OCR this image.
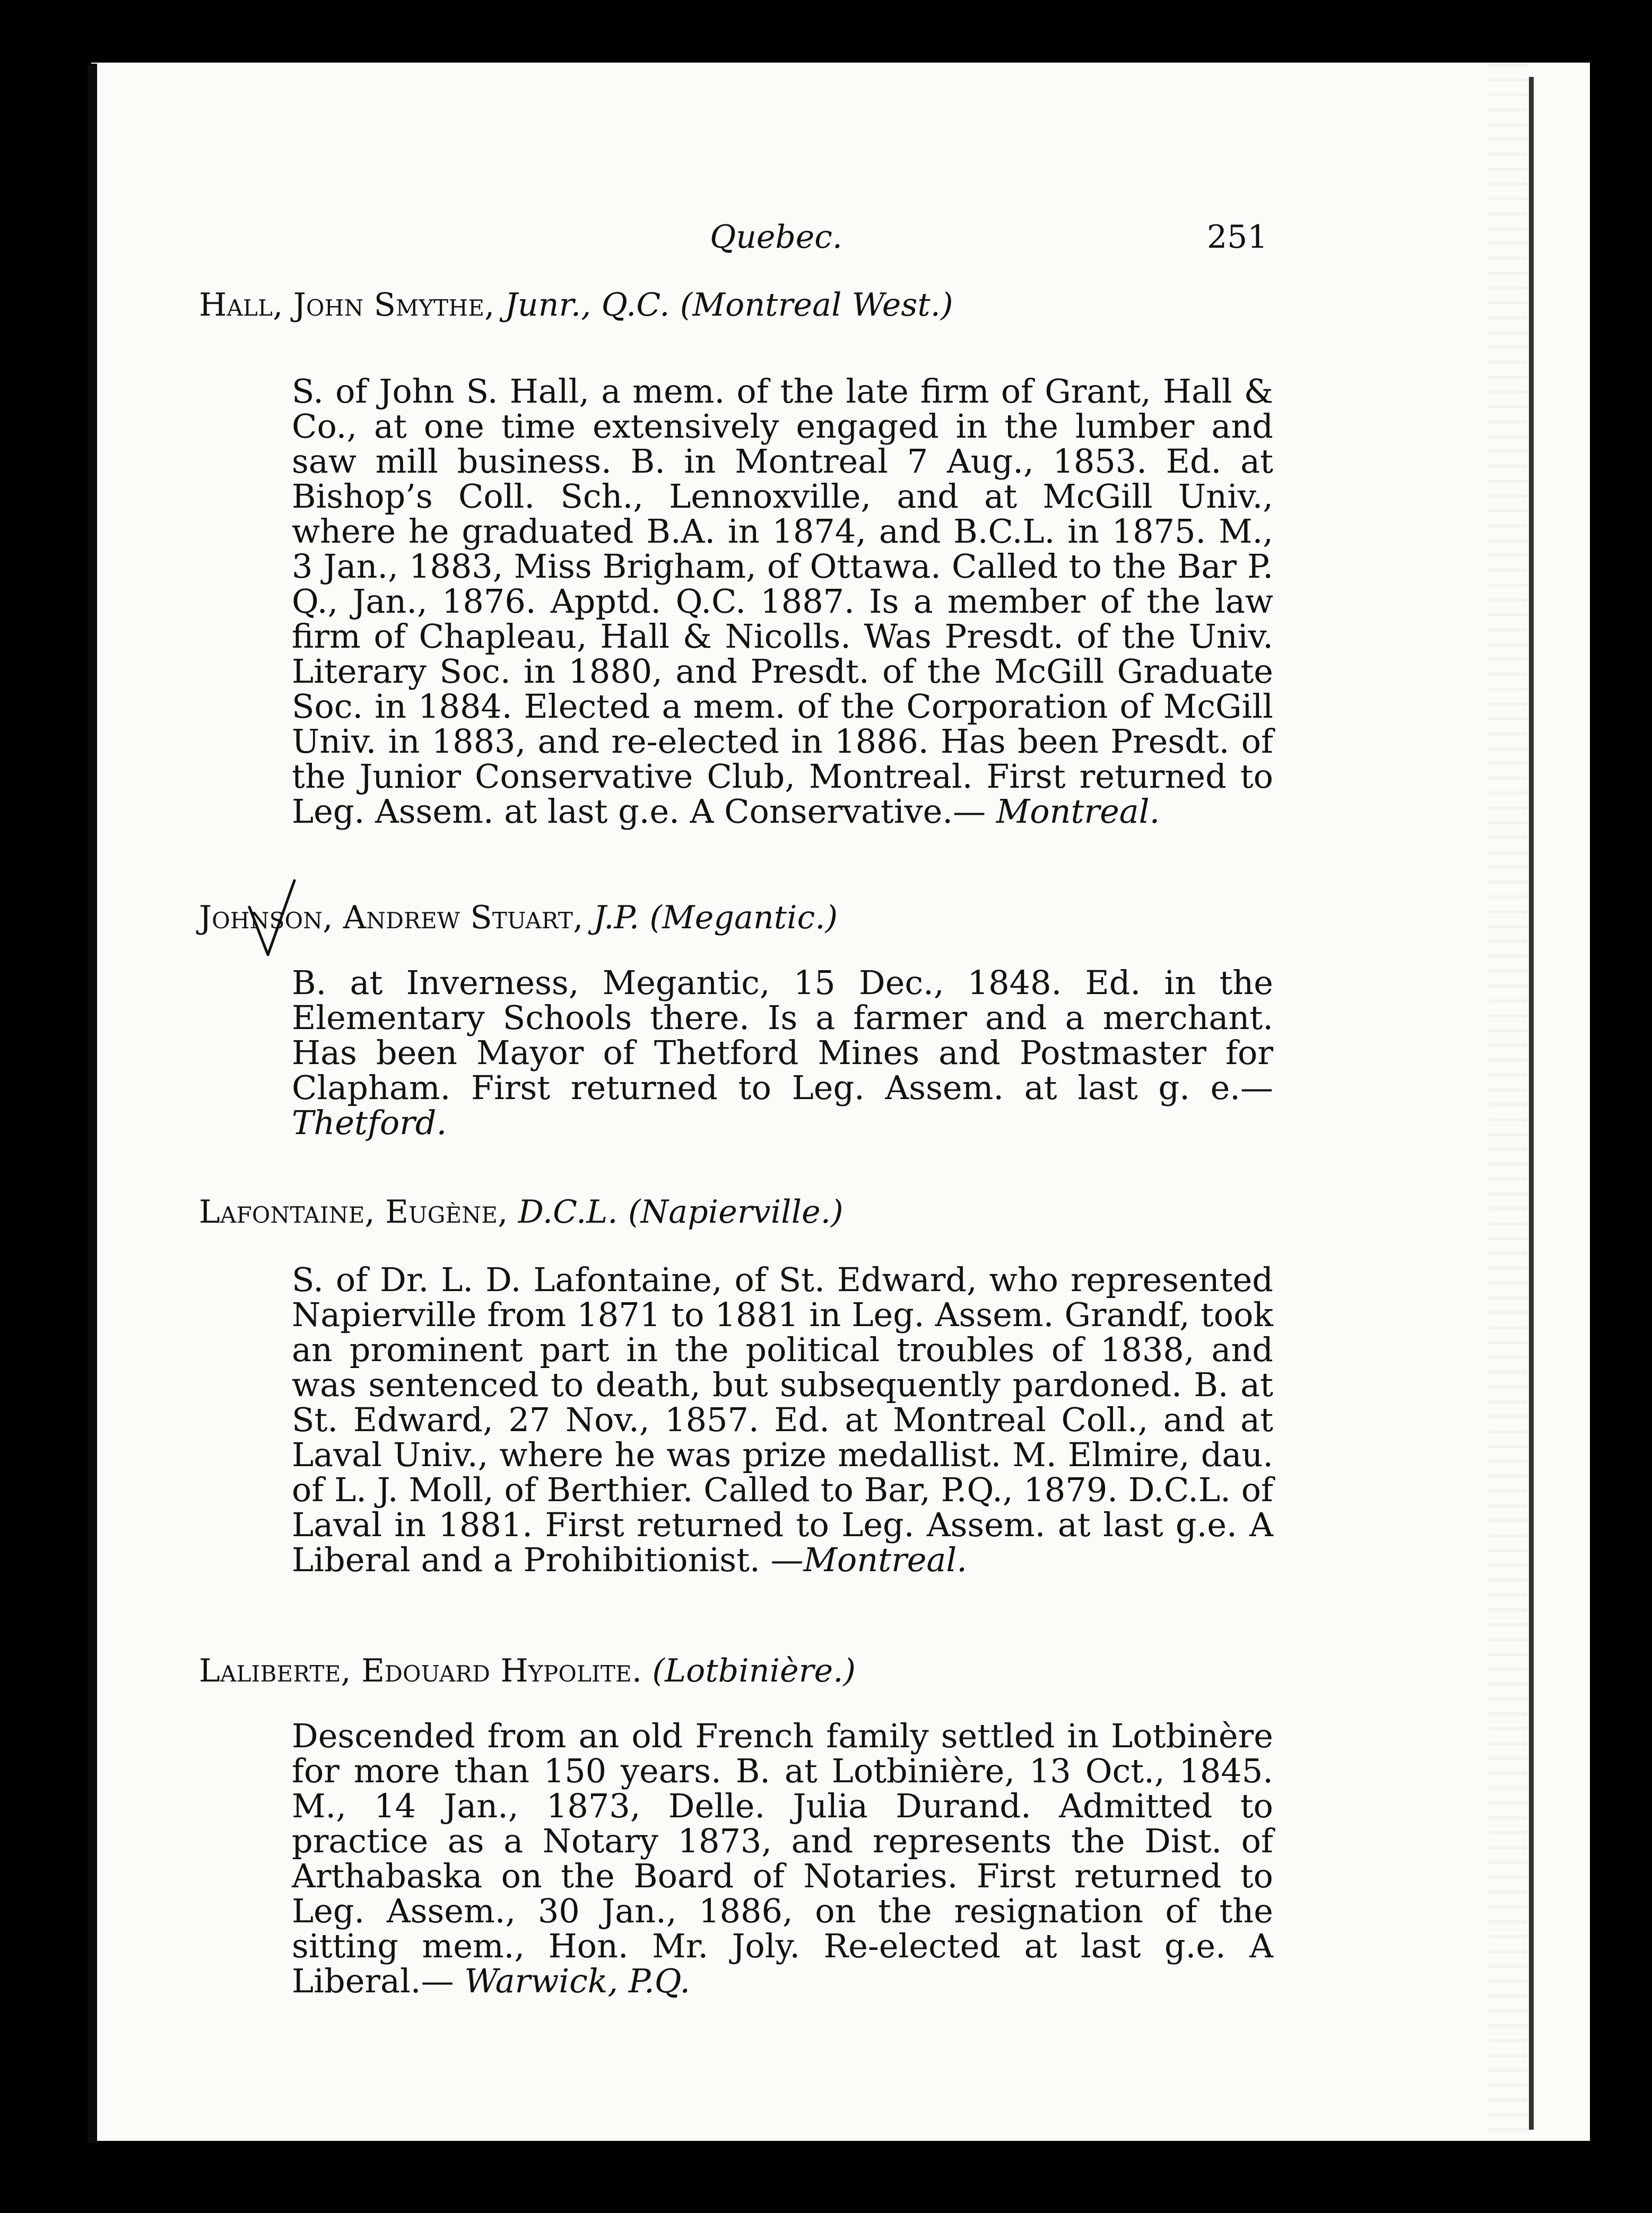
Quebec.	251
Hall, John Smythe, Junr., Q.C. (Montreal West.)
S. of John S. Hall, a mem. of the late firm of Grant, Hall & Co., at one time extensively engaged in the lumber and saw mill business. B. in Montreal 7 Aug., 1853. Ed. at Bishop’s Coll. Sch., Lennoxville, and at McGill Univ., where he graduated B.A. in 1874, and B.C.L. in 1875. M., 3 Jan., 1883, Miss Brigham, of Ottawa. Called to the Bar P. Q., Jan., 1876. Apptd. Q.C. 1887. Is a member of the law firm of Chapleau, Hall & Nicolls. Was Presdt. of the Univ. Literary Soc. in 1880, and Presdt. of the McGill Graduate Soc. in 1884. Elected a mem. of the Corporation of McGill Univ. in 1883, and re-elected in 1886. Has been Presdt. of the Junior Conservative Club, Montreal. First returned to Leg. Assem. at last g.e. A Conservative.— Montreal.
Johnson, Andrew Stuart, J.P. (Megantic.)
B. at Inverness, Megantic, 15 Dec., 1848. Ed. in the Elementary Schools there. Is a farmer and a merchant. Has been Mayor of Thetford Mines and Postmaster for Clapham. First returned to Leg. Assem. at last g. e.— Thetford.
Lafontaine, Eugène, D.C.L. (Napierville.)
S. of Dr. L. D. Lafontaine, of St. Edward, who represented Napierville from 1871 to 1881 in Leg. Assem. Grandf, took an prominent part in the political troubles of 1838, and was sentenced to death, but subsequently pardoned. B. at St. Edward, 27 Nov., 1857. Ed. at Montreal Coll., and at Laval Univ., where he was prize medallist. M. Elmire, dau. of L. J. Moll, of Berthier. Called to Bar, P.Q., 1879. D.C.L. of Laval in 1881. First returned to Leg. Assem. at last g.e. A Liberal and a Prohibitionist. —Montreal.
Laliberte, Edouard Hypolite. (Lotbinière.)
Descended from an old French family settled in Lotbinère for more than 150 years. B. at Lotbinière, 13 Oct., 1845. M., 14 Jan., 1873, Delle. Julia Durand. Admitted to practice as a Notary 1873, and represents the Dist. of Arthabaska on the Board of Notaries. First returned to Leg. Assem., 30 Jan., 1886, on the resignation of the sitting mem., Hon. Mr. Joly. Re-elected at last g.e. A Liberal.— Warwick, P.Q.
